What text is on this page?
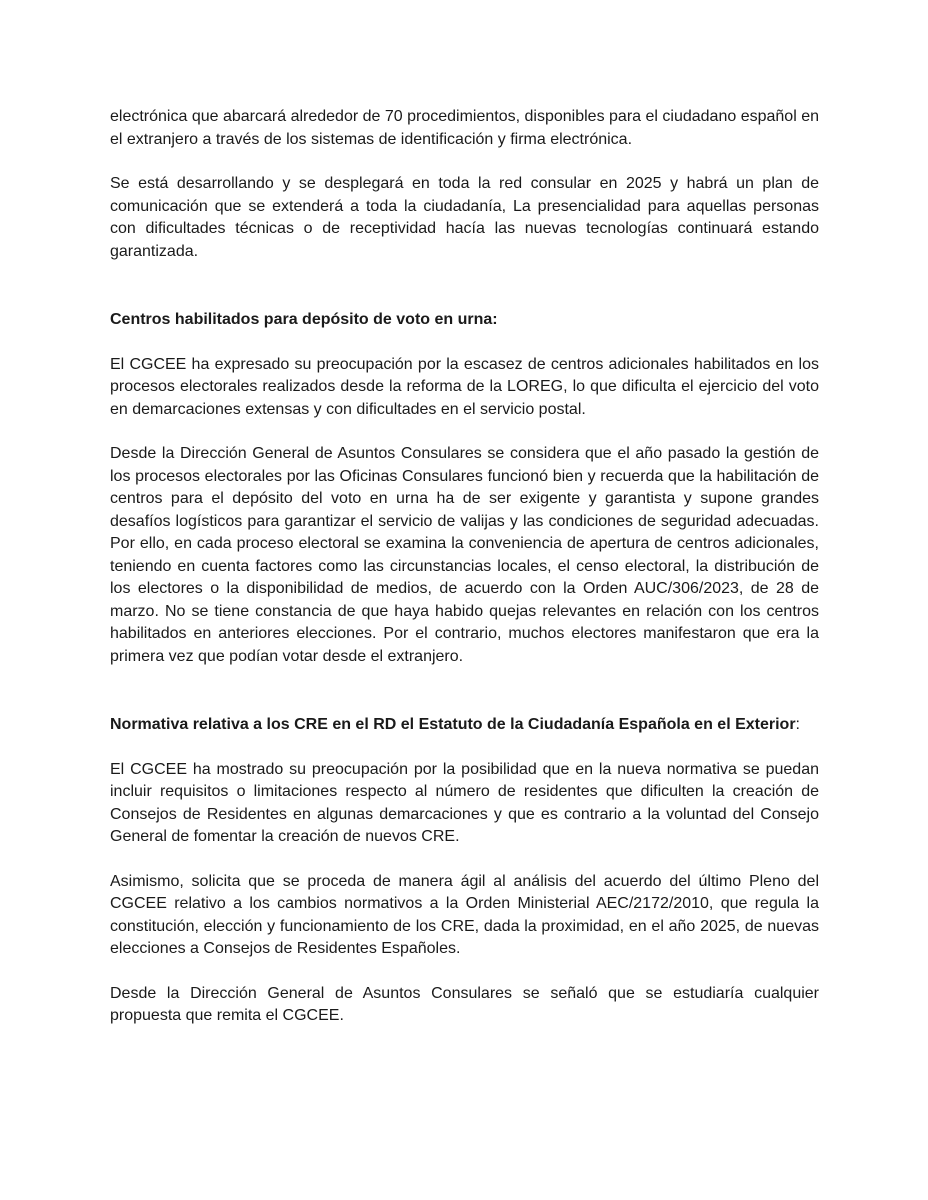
electrónica que abarcará alrededor de 70 procedimientos, disponibles para el ciudadano español en el extranjero a través de los sistemas de identificación y firma electrónica.

Se está desarrollando y se desplegará en toda la red consular en 2025 y habrá un plan de comunicación que se extenderá a toda la ciudadanía, La presencialidad para aquellas personas con dificultades técnicas o de receptividad hacía las nuevas tecnologías continuará estando garantizada.

Centros habilitados para depósito de voto en urna:

El CGCEE ha expresado su preocupación por la escasez de centros adicionales habilitados en los procesos electorales realizados desde la reforma de la LOREG, lo que dificulta el ejercicio del voto en demarcaciones extensas y con dificultades en el servicio postal.

Desde la Dirección General de Asuntos Consulares se considera que el año pasado la gestión de los procesos electorales por las Oficinas Consulares funcionó bien y recuerda que la habilitación de centros para el depósito del voto en urna ha de ser exigente y garantista y supone grandes desafíos logísticos para garantizar el servicio de valijas y las condiciones de seguridad adecuadas. Por ello, en cada proceso electoral se examina la conveniencia de apertura de centros adicionales, teniendo en cuenta factores como las circunstancias locales, el censo electoral, la distribución de los electores o la disponibilidad de medios, de acuerdo con la Orden AUC/306/2023, de 28 de marzo. No se tiene constancia de que haya habido quejas relevantes en relación con los centros habilitados en anteriores elecciones. Por el contrario, muchos electores manifestaron que era la primera vez que podían votar desde el extranjero.

Normativa relativa a los CRE en el RD el Estatuto de la Ciudadanía Española en el Exterior:

El CGCEE ha mostrado su preocupación por la posibilidad que en la nueva normativa se puedan incluir requisitos o limitaciones respecto al número de residentes que dificulten la creación de Consejos de Residentes en algunas demarcaciones y que es contrario a la voluntad del Consejo General de fomentar la creación de nuevos CRE.

Asimismo, solicita que se proceda de manera ágil al análisis del acuerdo del último Pleno del CGCEE relativo a los cambios normativos a la Orden Ministerial AEC/2172/2010, que regula la constitución, elección y funcionamiento de los CRE, dada la proximidad, en el año 2025, de nuevas elecciones a Consejos de Residentes Españoles.

Desde la Dirección General de Asuntos Consulares se señaló que se estudiaría cualquier propuesta que remita el CGCEE.
